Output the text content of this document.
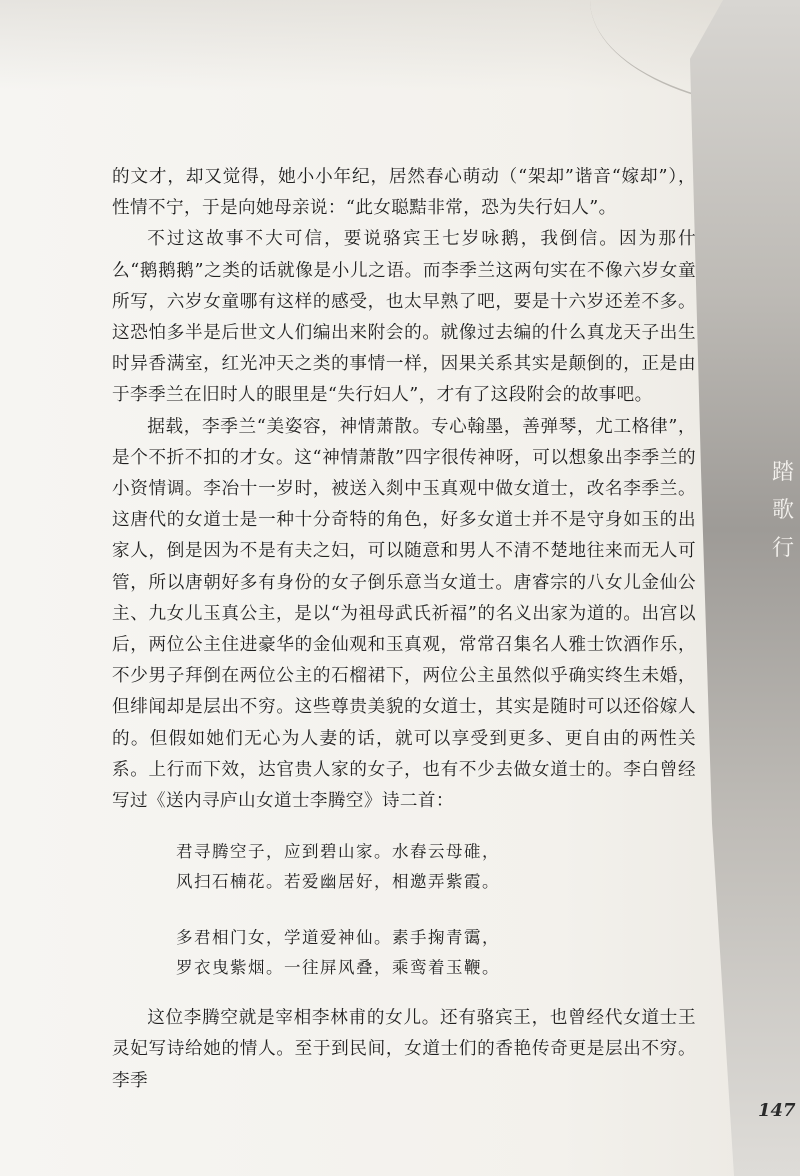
踏
歌
行

的文才，却又觉得，她小小年纪，居然春心萌动（“架却”谐音“嫁却”），性情不宁，于是向她母亲说：“此女聪黠非常，恐为失行妇人”。

不过这故事不大可信，要说骆宾王七岁咏鹅，我倒信。因为那什么“鹅鹅鹅”之类的话就像是小儿之语。而李季兰这两句实在不像六岁女童所写，六岁女童哪有这样的感受，也太早熟了吧，要是十六岁还差不多。这恐怕多半是后世文人们编出来附会的。就像过去编的什么真龙天子出生时异香满室，红光冲天之类的事情一样，因果关系其实是颠倒的，正是由于李季兰在旧时人的眼里是“失行妇人”，才有了这段附会的故事吧。

据载，李季兰“美姿容，神情萧散。专心翰墨，善弹琴，尤工格律”，是个不折不扣的才女。这“神情萧散”四字很传神呀，可以想象出李季兰的小资情调。李冶十一岁时，被送入剡中玉真观中做女道士，改名李季兰。这唐代的女道士是一种十分奇特的角色，好多女道士并不是守身如玉的出家人，倒是因为不是有夫之妇，可以随意和男人不清不楚地往来而无人可管，所以唐朝好多有身份的女子倒乐意当女道士。唐睿宗的八女儿金仙公主、九女儿玉真公主，是以“为祖母武氏祈福”的名义出家为道的。出宫以后，两位公主住进豪华的金仙观和玉真观，常常召集名人雅士饮酒作乐，不少男子拜倒在两位公主的石榴裙下，两位公主虽然似乎确实终生未婚，但绯闻却是层出不穷。这些尊贵美貌的女道士，其实是随时可以还俗嫁人的。但假如她们无心为人妻的话，就可以享受到更多、更自由的两性关系。上行而下效，达官贵人家的女子，也有不少去做女道士的。李白曾经写过《送内寻庐山女道士李腾空》诗二首：

君寻腾空子，应到碧山家。水舂云母碓，
风扫石楠花。若爱幽居好，相邀弄紫霞。
多君相门女，学道爱神仙。素手掬青霭，
罗衣曳紫烟。一往屏风叠，乘鸾着玉鞭。

这位李腾空就是宰相李林甫的女儿。还有骆宾王，也曾经代女道士王灵妃写诗给她的情人。至于到民间，女道士们的香艳传奇更是层出不穷。李季

147
